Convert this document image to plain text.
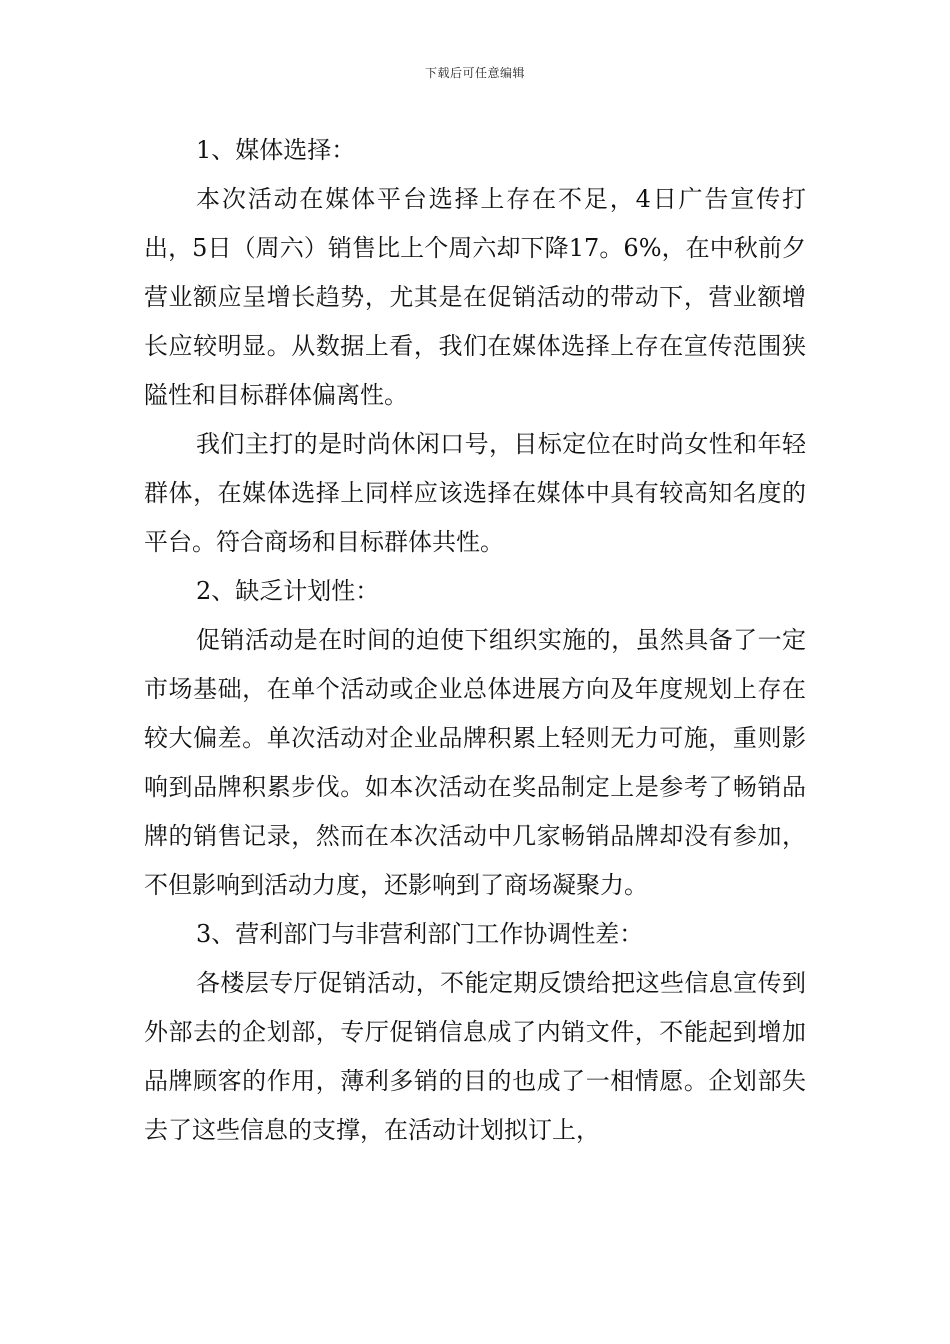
下载后可任意编辑

1、媒体选择：

本次活动在媒体平台选择上存在不足，4日广告宣传打出，5日（周六）销售比上个周六却下降17。6%，在中秋前夕营业额应呈增长趋势，尤其是在促销活动的带动下，营业额增长应较明显。从数据上看，我们在媒体选择上存在宣传范围狭隘性和目标群体偏离性。

我们主打的是时尚休闲口号，目标定位在时尚女性和年轻群体，在媒体选择上同样应该选择在媒体中具有较高知名度的平台。符合商场和目标群体共性。

2、缺乏计划性：

促销活动是在时间的迫使下组织实施的，虽然具备了一定市场基础，在单个活动或企业总体进展方向及年度规划上存在较大偏差。单次活动对企业品牌积累上轻则无力可施，重则影响到品牌积累步伐。如本次活动在奖品制定上是参考了畅销品牌的销售记录，然而在本次活动中几家畅销品牌却没有参加，不但影响到活动力度，还影响到了商场凝聚力。

3、营利部门与非营利部门工作协调性差：

各楼层专厅促销活动，不能定期反馈给把这些信息宣传到外部去的企划部，专厅促销信息成了内销文件，不能起到增加品牌顾客的作用，薄利多销的目的也成了一相情愿。企划部失去了这些信息的支撑，在活动计划拟订上，
